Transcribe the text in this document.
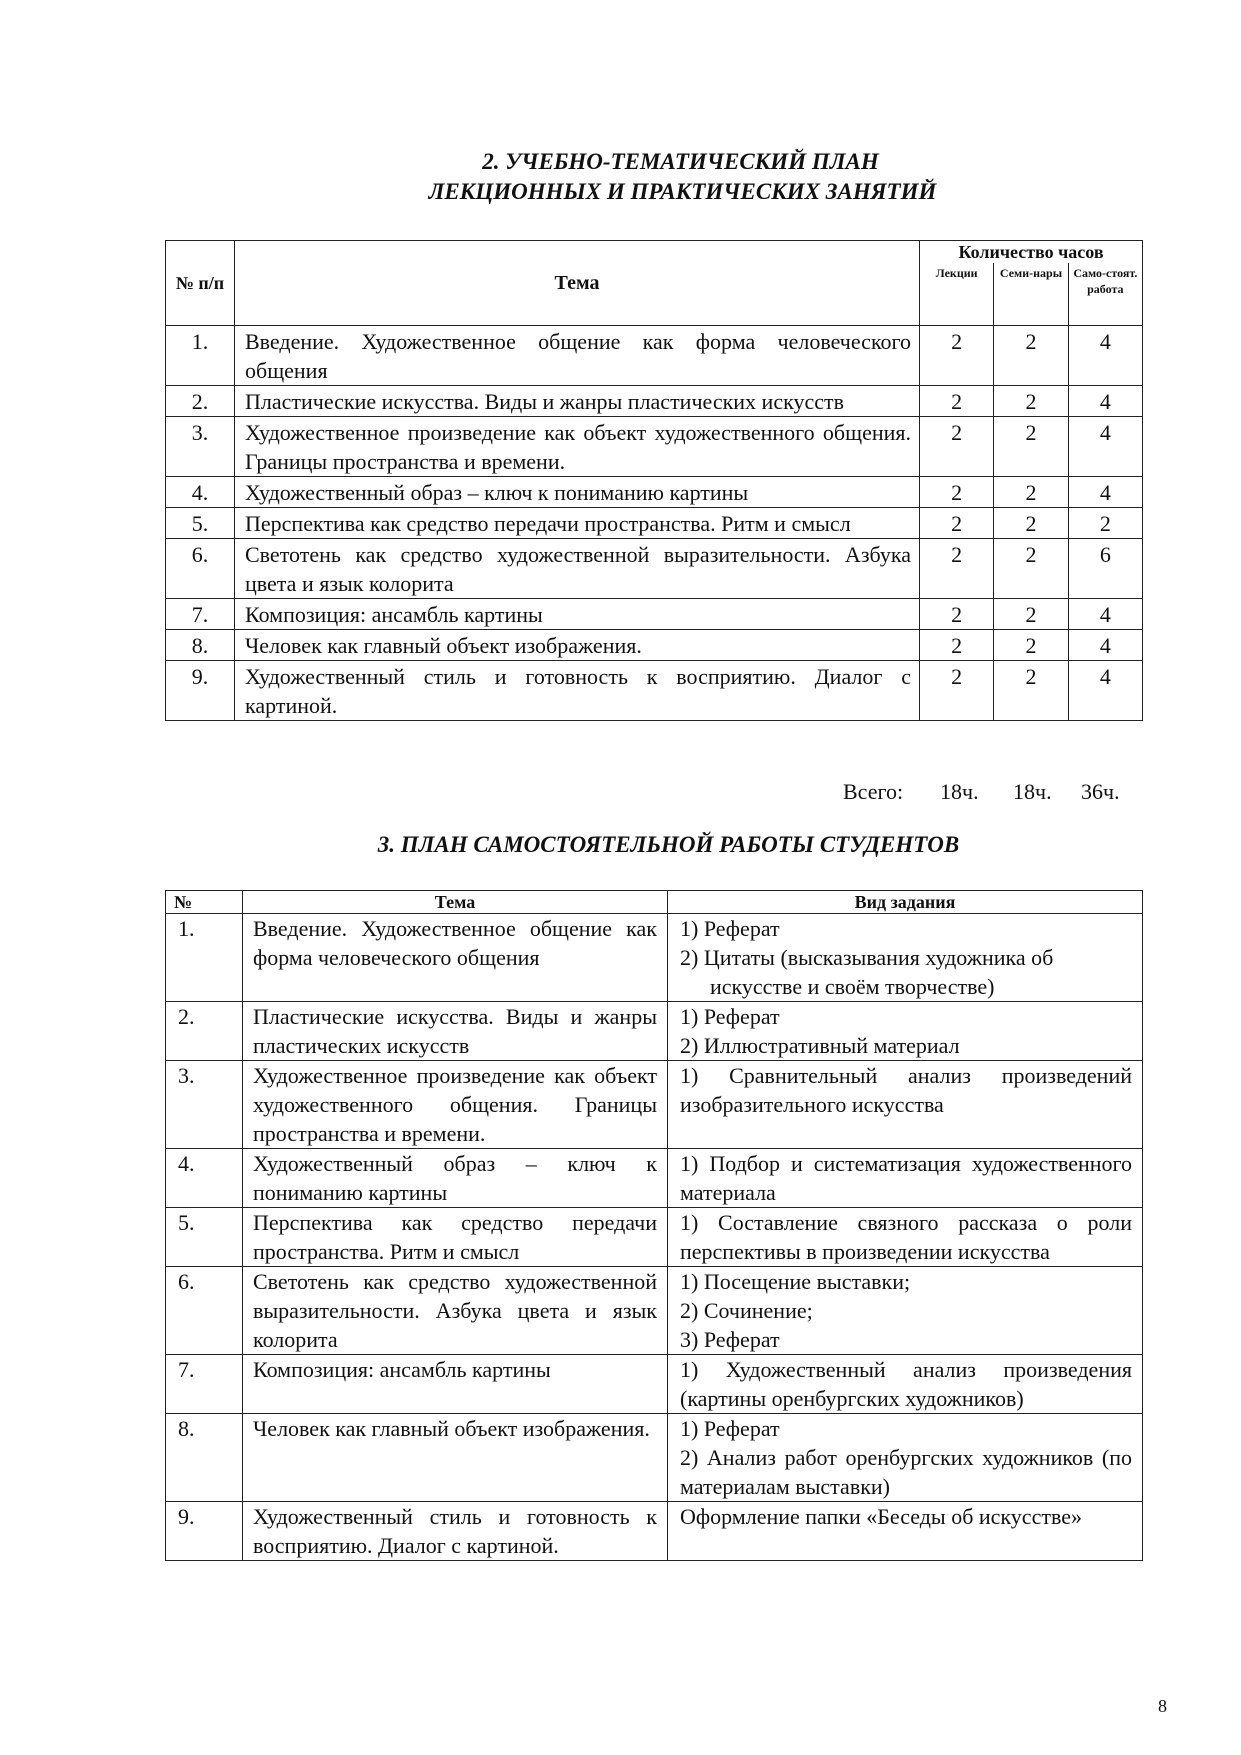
2. УЧЕБНО-ТЕМАТИЧЕСКИЙ ПЛАН
ЛЕКЦИОННЫХ И ПРАКТИЧЕСКИХ ЗАНЯТИЙ
№ п/п	Тема	Количество часов		
		Лекции	Семи-нары	Само-стоят. работа
1.	Введение. Художественное общение как форма человеческого общения	2	2	4
2.	Пластические искусства. Виды и жанры пластических искусств	2	2	4
3.	Художественное произведение как объект художественного общения. Границы пространства и времени.	2	2	4
4.	Художественный образ – ключ к пониманию картины	2	2	4
5.	Перспектива как средство передачи пространства. Ритм и смысл	2	2	2
6.	Светотень как средство художественной выразительности. Азбука цвета и язык колорита	2	2	6
7.	Композиция: ансамбль картины	2	2	4
8.	Человек как главный объект изображения.	2	2	4
9.	Художественный стиль и готовность к восприятию. Диалог с картиной.	2	2	4
Всего: 18ч. 18ч. 36ч.
3. ПЛАН САМОСТОЯТЕЛЬНОЙ РАБОТЫ СТУДЕНТОВ
№	Тема	Вид задания
1.	Введение. Художественное общение как форма человеческого общения	1) Реферат
2) Цитаты (высказывания художника об
искусстве и своём творчестве)

2.	Пластические искусства. Виды и жанры пластических искусств	1) Реферат
2) Иллюстративный материал

3.	Художественное произведение как объект художественного общения. Границы пространства и времени.	1) Сравнительный анализ произведений изобразительного искусства

4.	Художественный образ – ключ к пониманию картины	1) Подбор и систематизация художественного материала

5.	Перспектива как средство передачи пространства. Ритм и смысл	1) Составление связного рассказа о роли перспективы в произведении искусства

6.	Светотень как средство художественной выразительности. Азбука цвета и язык колорита	1) Посещение выставки;
2) Сочинение;
3) Реферат

7.	Композиция: ансамбль картины	1) Художественный анализ произведения (картины оренбургских художников)

8.	Человек как главный объект изображения.	1) Реферат
2) Анализ работ оренбургских художников (по материалам выставки)

9.	Художественный стиль и готовность к восприятию. Диалог с картиной.	Оформление папки «Беседы об искусстве»
8
